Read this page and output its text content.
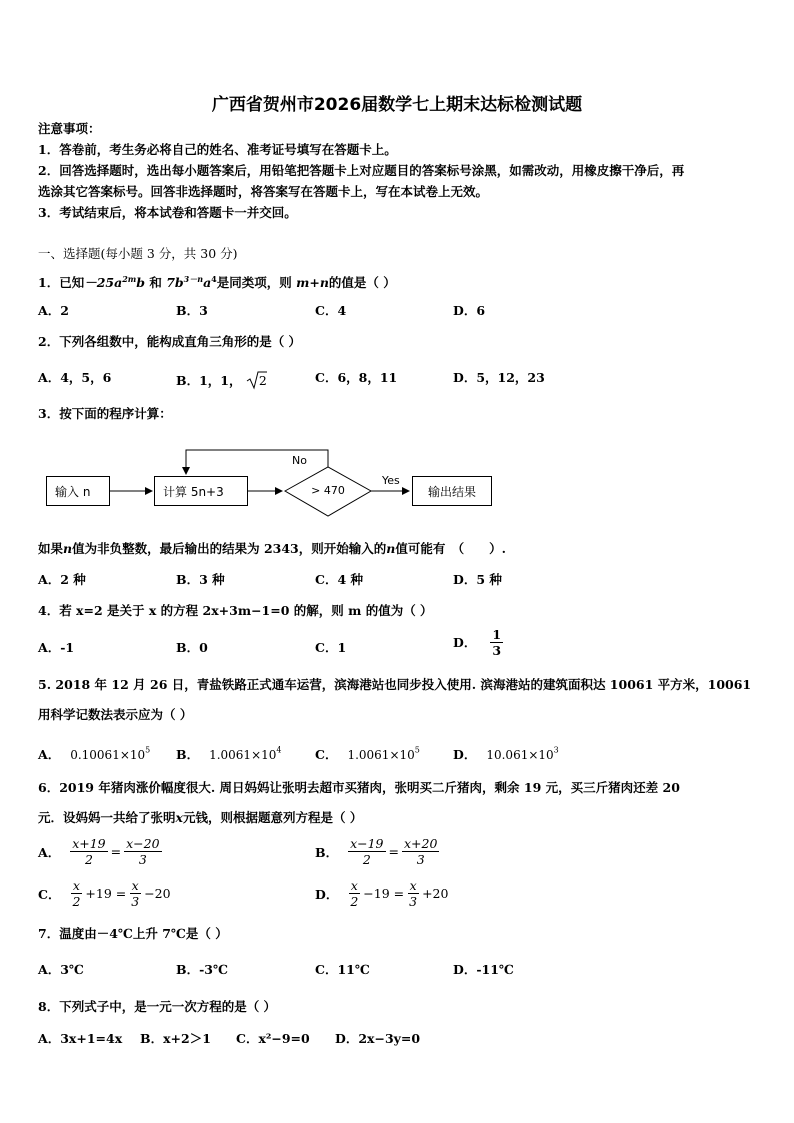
广西省贺州市2026届数学七上期末达标检测试题
注意事项：
1．答卷前，考生务必将自己的姓名、准考证号填写在答题卡上。
2．回答选择题时，选出每小题答案后，用铅笔把答题卡上对应题目的答案标号涂黑，如需改动，用橡皮擦干净后，再
选涂其它答案标号。回答非选择题时，将答案写在答题卡上，写在本试卷上无效。
3．考试结束后，将本试卷和答题卡一并交回。
一、选择题(每小题 3 分，共 30 分)
1．已知$-25a^{2m}b$ 和 $7b^{3-n}a^4$是同类项，则 m+n的值是（ ）
A．2	B．3	C．4	D．6
2．下列各组数中，能构成直角三角形的是（ ）
A．4，5，6	B．1，1， 2	C．6，8，11	D．5，12，23
3．按下面的程序计算：
输入 n	计算 5n+3	> 470
No
Yes
输出结果
如果n值为非负整数，最后输出的结果为 2343，则开始输入的n值可能有　（　　）.
A．2 种	B．3 种	C．4 种	D．5 种
4．若 x=2 是关于 x 的方程 2x+3m−1=0 的解，则 m 的值为（ ）
A．-1	B．0	C．1	D． $\frac{1}{3}$
5. 2018 年 12 月 26 日，青盐铁路正式通车运营，滨海港站也同步投入使用. 滨海港站的建筑面积达 10061 平方米，10061
用科学记数法表示应为（ ）
A． $0.10061\times 10^5$ B． $1.0061\times 10^4$	C． $1.0061\times 10^5$	D． $10.061\times 10^3$
6．2019 年猪肉涨价幅度很大. 周日妈妈让张明去超市买猪肉，张明买二斤猪肉，剩余 19 元，买三斤猪肉还差 20
元．设妈妈一共给了张明x元钱，则根据题意列方程是（ ）
A． $\frac{x+19}{2} = \frac{x-20}{3}$	B． $\frac{x-19}{2} = \frac{x+20}{3}$
C． $\frac{x}{2} +19 = \frac{x}{3} -20$	D． $\frac{x}{2} -19 = \frac{x}{3} +20$
7．温度由－4℃上升 7℃是（ ）
A．3℃	B．-3℃	C．11℃	D．-11℃
8．下列式子中，是一元一次方程的是（ ）
A．3x+1=4x B．x+2＞1 C．x²−9=0 D．2x−3y=0
